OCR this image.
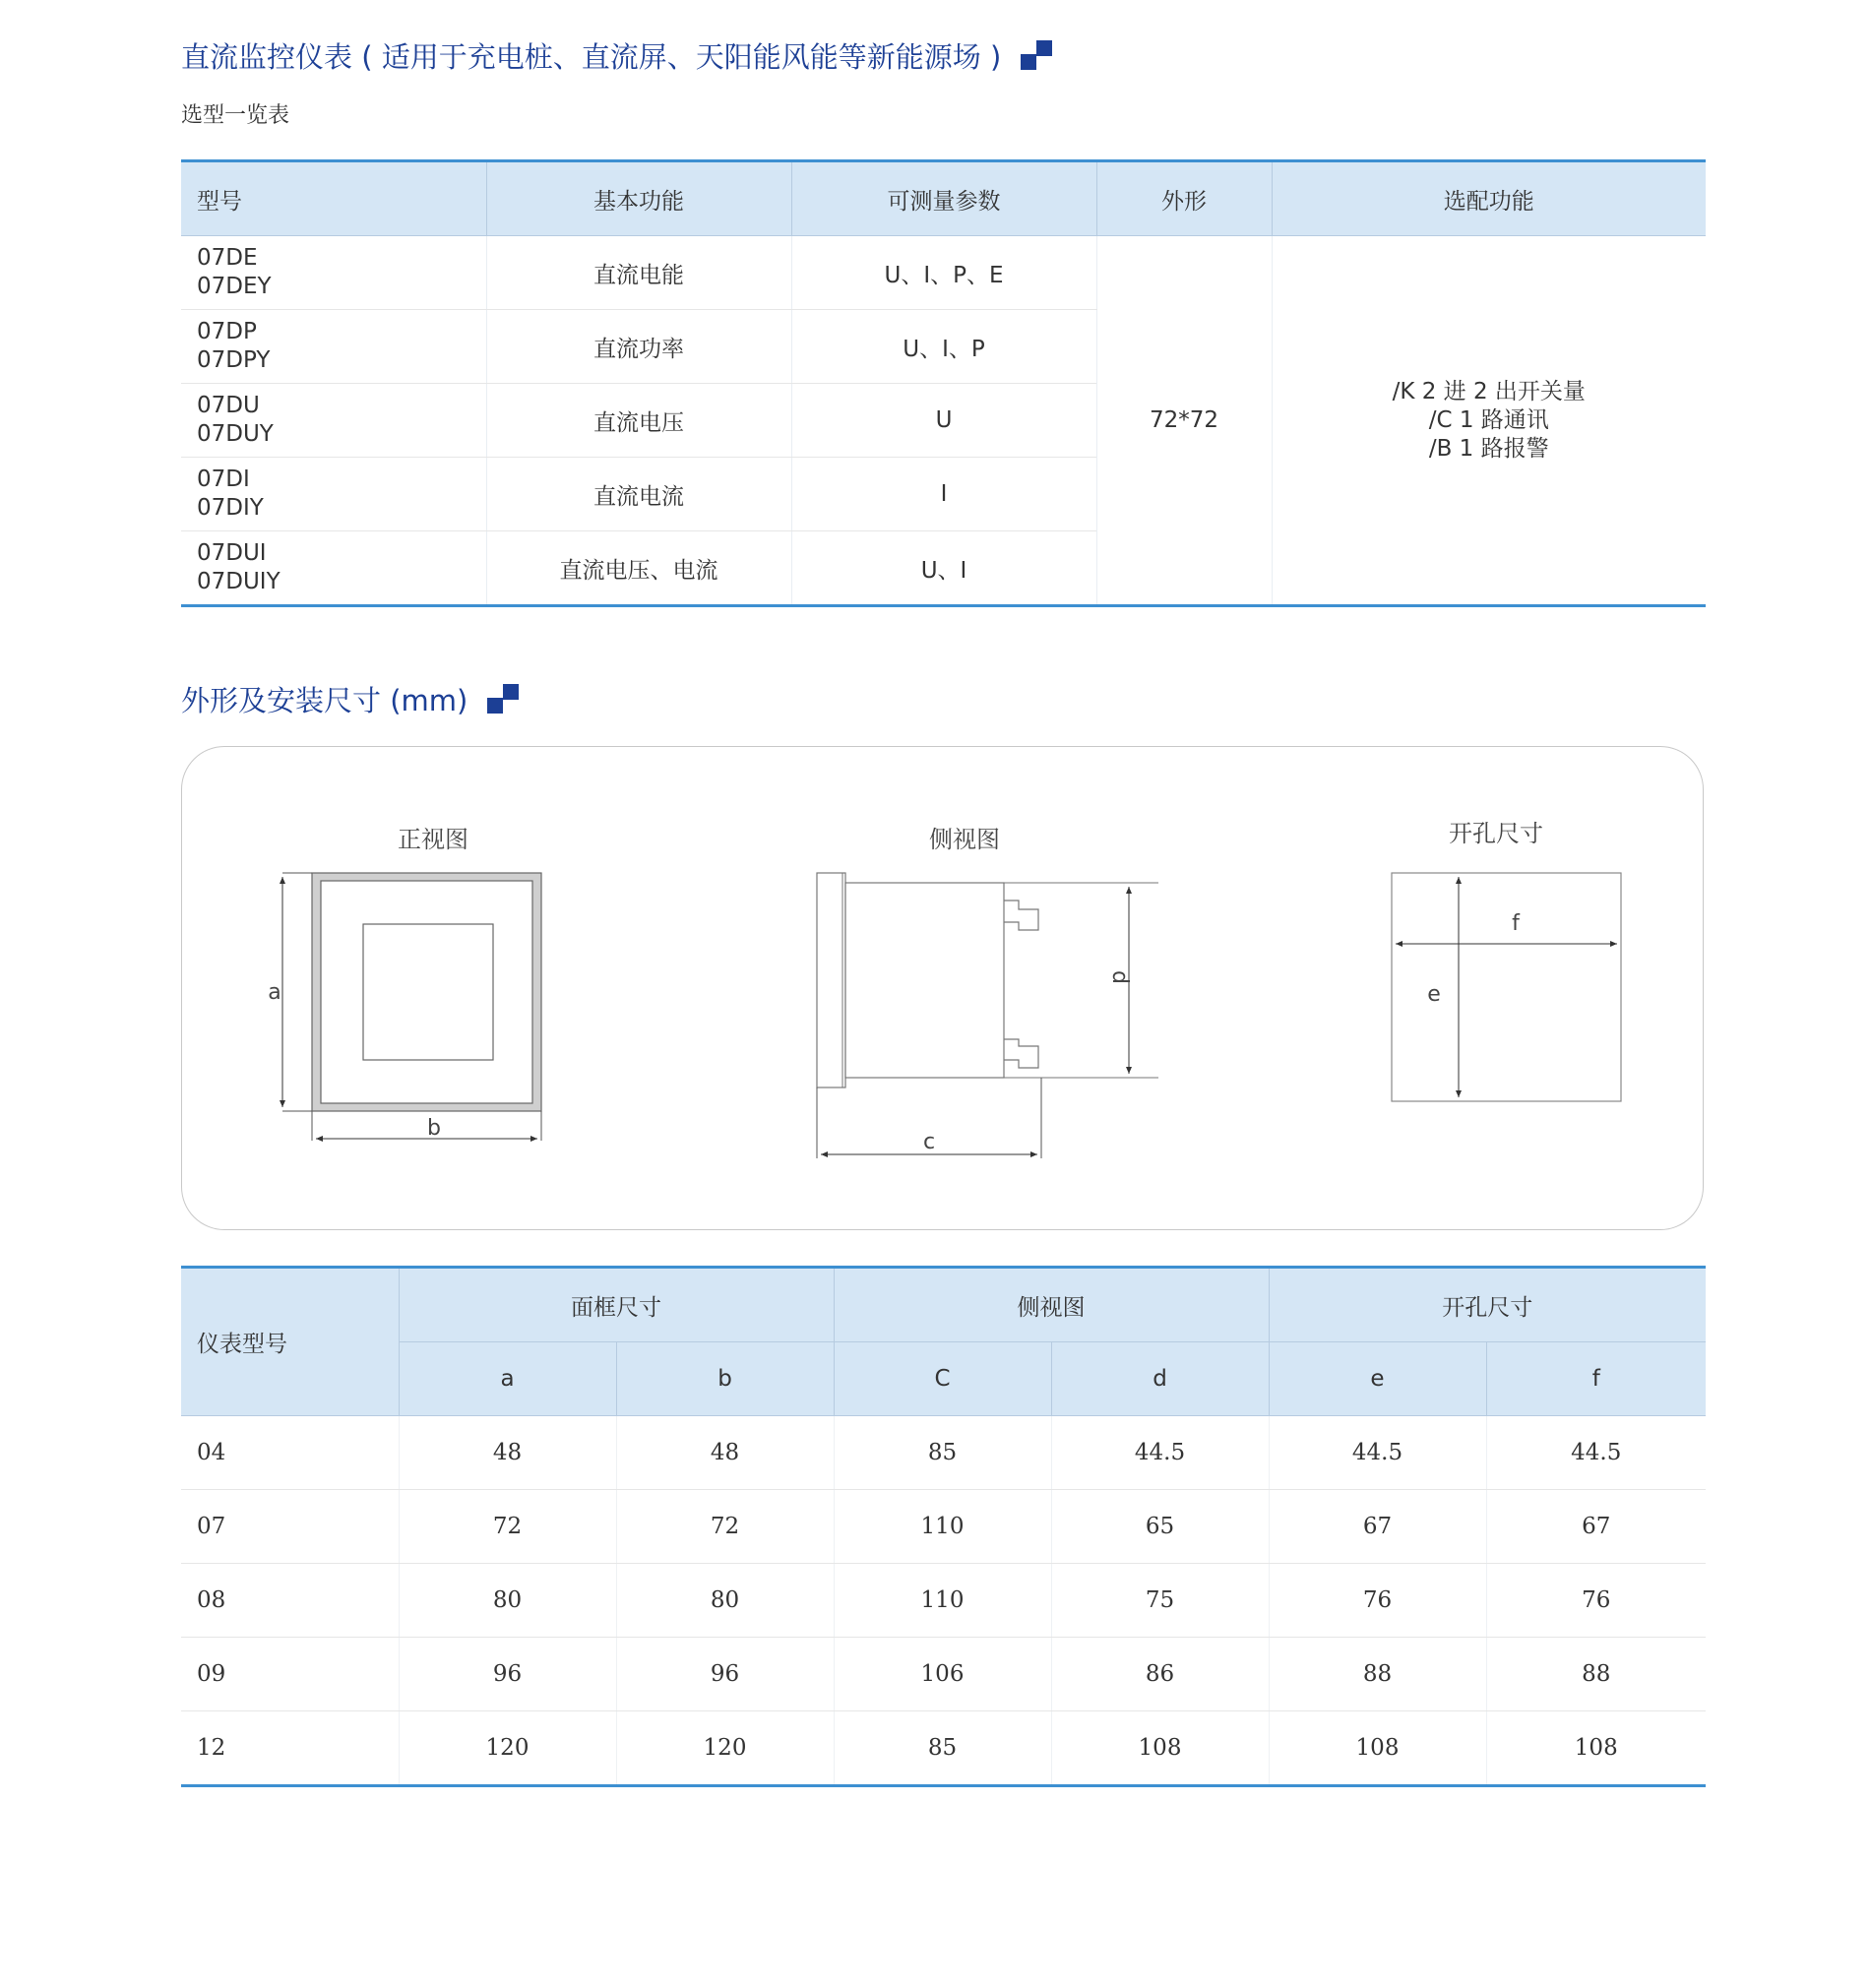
直流监控仪表 ( 适用于充电桩、直流屏、天阳能风能等新能源场 )
选型一览表
型号	基本功能	可测量参数	外形	选配功能
07DE
07DEY	直流电能	U、I、P、E	72*72	/K 2 进 2 出开关量
/C 1 路通讯
/B 1 路报警
07DP
07DPY	直流功率	U、I、P		
07DU
07DUY	直流电压	U		
07DI
07DIY	直流电流	I		
07DUI
07DUIY	直流电压、电流	U、I		
外形及安装尺寸 (mm)
正视图
a
b
侧视图
d
c
开孔尺寸
f
e
仪表型号	面框尺寸		侧视图		开孔尺寸	
	a	b	C	d	e	f
04	48	48	85	44.5	44.5	44.5
07	72	72	110	65	67	67
08	80	80	110	75	76	76
09	96	96	106	86	88	88
12	120	120	85	108	108	108
